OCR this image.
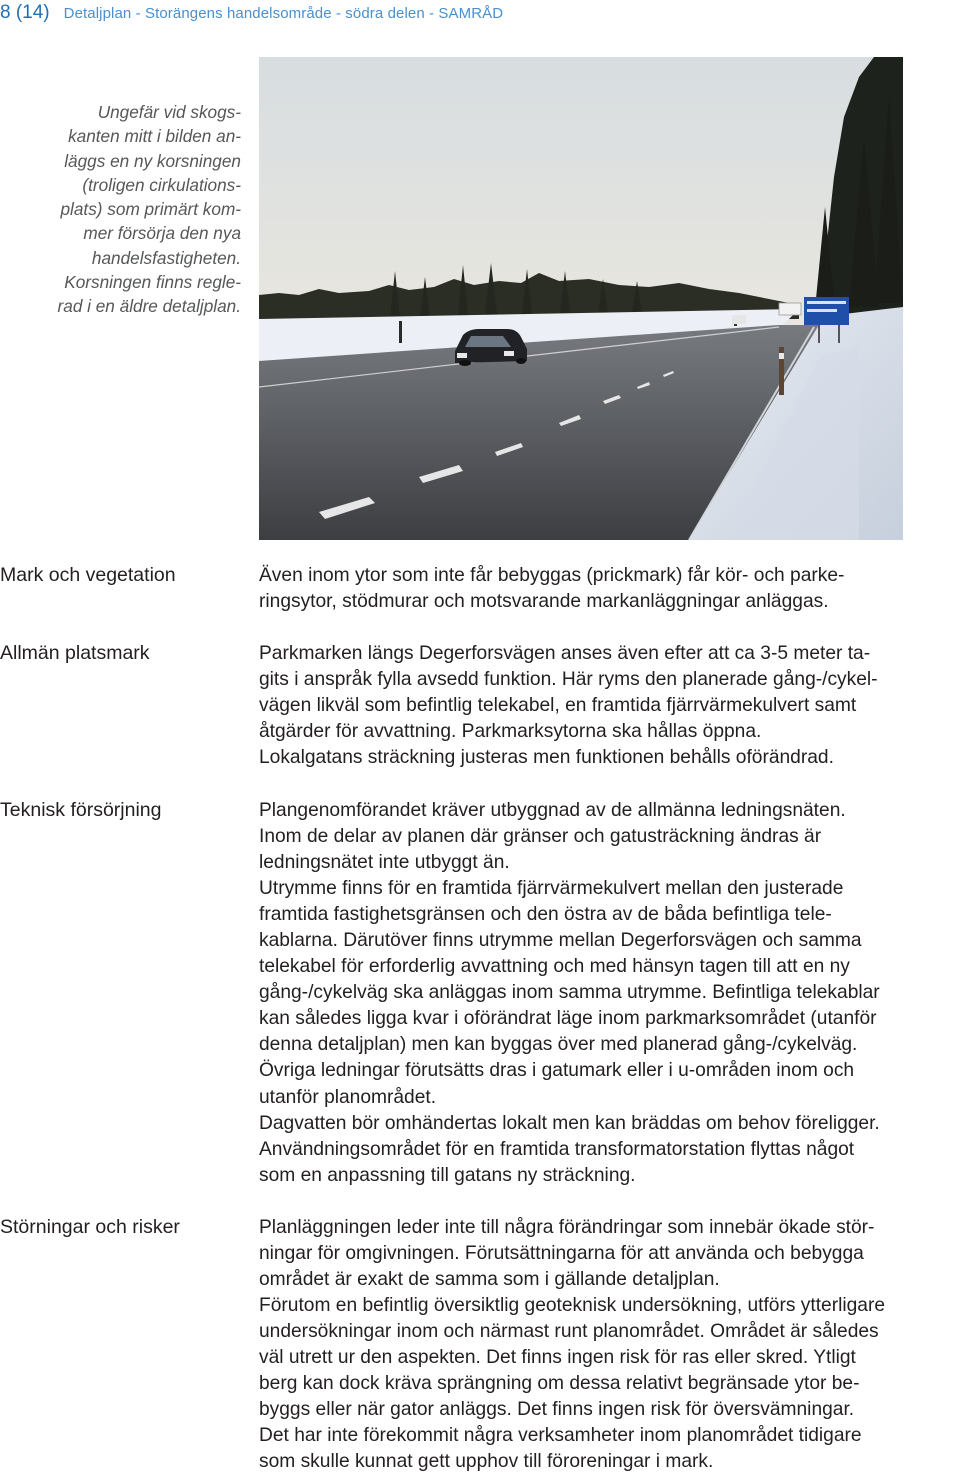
8 (14) Detaljplan - Storängens handelsområde - södra delen - SAMRÅD
Ungefär vid skogs-
kanten mitt i bilden an-
läggs en ny korsningen
(troligen cirkulations-
plats) som primärt kom-
mer försörja den nya
handelsfastigheten.
Korsningen finns regle-
rad i en äldre detaljplan.
Mark och vegetation	Även inom ytor som inte får bebyggas (prickmark) får kör- och parke-
ringsytor, stödmurar och motsvarande markanläggningar anläggas.
Allmän platsmark	Parkmarken längs Degerforsvägen anses även efter att ca 3-5 meter ta-
gits i anspråk fylla avsedd funktion. Här ryms den planerade gång-/cykel-
vägen likväl som befintlig telekabel, en framtida fjärrvärmekulvert samt
åtgärder för avvattning. Parkmarksytorna ska hållas öppna.
Lokalgatans sträckning justeras men funktionen behålls oförändrad.
Teknisk försörjning	Plangenomförandet kräver utbyggnad av de allmänna ledningsnäten.
Inom de delar av planen där gränser och gatusträckning ändras är
ledningsnätet inte utbyggt än.
Utrymme finns för en framtida fjärrvärmekulvert mellan den justerade
framtida fastighetsgränsen och den östra av de båda befintliga tele-
kablarna. Därutöver finns utrymme mellan Degerforsvägen och samma
telekabel för erforderlig avvattning och med hänsyn tagen till att en ny
gång-/cykelväg ska anläggas inom samma utrymme. Befintliga telekablar
kan således ligga kvar i oförändrat läge inom parkmarksområdet (utanför
denna detaljplan) men kan byggas över med planerad gång-/cykelväg.
Övriga ledningar förutsätts dras i gatumark eller i u-områden inom och
utanför planområdet.
Dagvatten bör omhändertas lokalt men kan bräddas om behov föreligger.
Användningsområdet för en framtida transformatorstation flyttas något
som en anpassning till gatans ny sträckning.
Störningar och risker	Planläggningen leder inte till några förändringar som innebär ökade stör-
ningar för omgivningen. Förutsättningarna för att använda och bebygga
området är exakt de samma som i gällande detaljplan.
Förutom en befintlig översiktlig geoteknisk undersökning, utförs ytterligare
undersökningar inom och närmast runt planområdet. Området är således
väl utrett ur den aspekten. Det finns ingen risk för ras eller skred. Ytligt
berg kan dock kräva sprängning om dessa relativt begränsade ytor be-
byggs eller när gator anläggs. Det finns ingen risk för översvämningar.
Det har inte förekommit några verksamheter inom planområdet tidigare
som skulle kunnat gett upphov till föroreningar i mark.
